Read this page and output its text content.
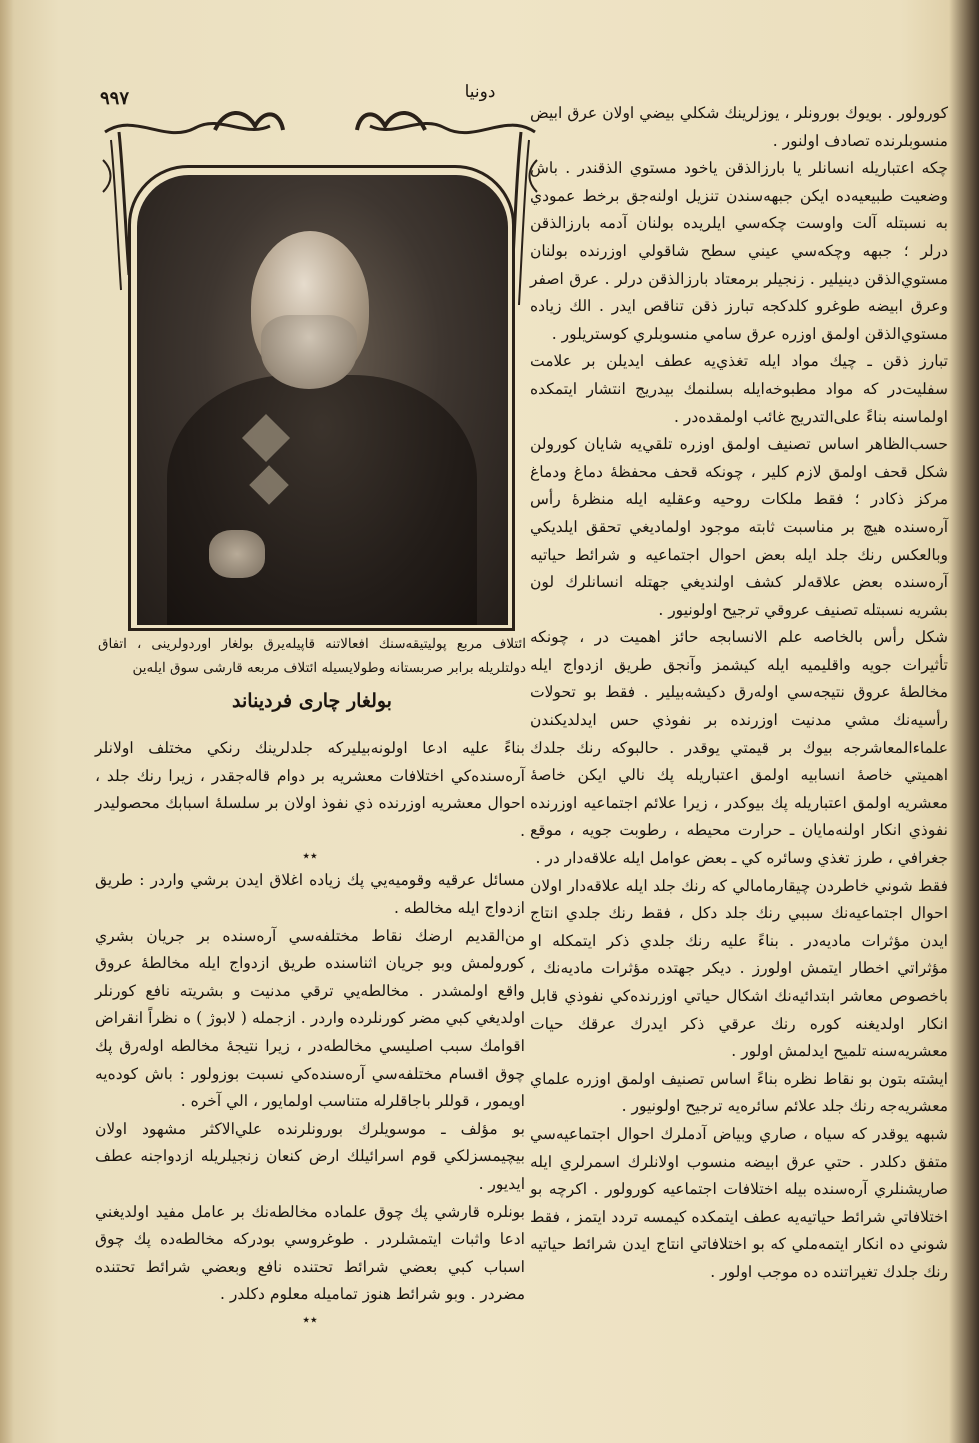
٩٩٧	دونيا
ائتلاف مربع پولیتیقەسنك افعالاتنه قاپیلەیرق بولغار اوردولرینی ، اتفاق دولتلريله برابر صربستانه وطولايسيله ائتلاف مربعه قارشی سوق ایلەین
بولغار چاری فردیناند

كورولور . بويوك بورونلر ، يوزلرينك شكلي بيضي اولان عرق ابيض منسوبلرنده تصادف اولنور .

چكه اعتباريله انسانلر يا بارزالذقن ياخود مستوي الذقندر . باش وضعيت طبيعيه‌ده ايكن جبهه‌سندن تنزيل اولنه‌جق برخط عمودي به نسبتله آلت واوست چكه‌سي ايلريده بولنان آدمه بارزالذقن درلر ؛ جبهه وچكه‌سي عيني سطح شاقولي اوزرنده بولنان مستوي‌الذقن دينيلير . زنجيلر برمعتاد بارزالذقن درلر . عرق اصفر وعرق ابيضه طوغرو كلدكجه تبارز ذقن تناقص ايدر . الك زياده مستوي‌الذقن اولمق اوزره عرق سامي منسوبلري كوستريلور .

تبارز ذقن ـ چيك مواد ايله تغذي‌يه عطف ايديلن بر علامت سفليت‌در كه مواد مطبوخه‌ايله بسلنمك بيدريج انتشار ايتمكده اولماسنه بناءً على‌التدريج غائب اولمقده‌در .

حسب‌الظاهر اساس تصنيف اولمق اوزره تلقي‌يه شايان كورولن شكل قحف اولمق لازم كلير ، چونكه قحف محفظهٔ دماغ ودماغ مركز ذكادر ؛ فقط ملكات روحيه وعقليه ايله منظرهٔ رأس آره‌سنده هيچ بر مناسبت ثابته موجود اولماديغي تحقق ايلديكي وبالعكس رنك جلد ايله بعض احوال اجتماعيه و شرائط حياتيه آره‌سنده بعض علاقه‌لر كشف اولنديغي جهتله انسانلرك لون بشريه نسبتله تصنيف عروقي ترجيح اولونيور .

شكل رأس بالخاصه علم الانسابجه حائز اهميت در ، چونكه تأثيرات جويه واقليميه ايله كيشمز وآنجق طريق ازدواج ايله مخالطهٔ عروق نتيجه‌سي اوله‌رق دكيشه‌بيلير . فقط بو تحولات رأسيه‌نك مشي مدنيت اوزرنده بر نفوذي حس ايدلديكندن علماءالمعاشرجه بيوك بر قيمتي يوقدر . حالبوكه رنك جلدك اهميتي خاصهٔ انسابيه اولمق اعتباريله پك نالي ايكن خاصهٔ معشريه اولمق اعتباريله پك بيوكدر ، زيرا علائم اجتماعيه اوزرنده نفوذي انكار اولنه‌مايان ـ حرارت محيطه ، رطوبت جويه ، موقع جغرافي ، طرز تغذي وسائره كي ـ بعض عوامل ايله علاقه‌دار در .

فقط شوني خاطردن چيقارمامالي كه رنك جلد ايله علاقه‌دار اولان احوال اجتماعيه‌نك سببي رنك جلد دكل ، فقط رنك جلدي انتاج ايدن مؤثرات ماديه‌در . بناءً عليه رنك جلدي ذكر ايتمكله او مؤثراتي اخطار ايتمش اولورز . ديكر جهتده مؤثرات ماديه‌نك ، باخصوص معاشر ابتدائيه‌نك اشكال حياتي اوزرنده‌كي نفوذي قابل انكار اولديغنه كوره رنك عرقي ذكر ايدرك عرقك حيات معشريه‌سنه تلميح ايدلمش اولور .

ايشته بتون بو نقاط نظره بناءً اساس تصنيف اولمق اوزره علماي معشريه‌جه رنك جلد علائم سائره‌يه ترجيح اولونيور .

شبهه يوقدر كه سياه ، صاري وبياض آدملرك احوال اجتماعيه‌سي متفق دكلدر . حتي عرق ابيضه منسوب اولانلرك اسمرلري ايله صاريشنلري آره‌سنده بيله اختلافات اجتماعيه كورولور . اكرچه بو اختلافاتي شرائط حياتيه‌يه عطف ايتمكده كيمسه تردد ايتمز ، فقط شوني ده انكار ايتمه‌ملي كه بو اختلافاتي انتاج ايدن شرائط حياتيه رنك جلدك تغيراتنده ده موجب اولور .

بناءً عليه ادعا اولونه‌بيليركه جلدلرينك رنكي مختلف اولانلر آره‌سنده‌كي اختلافات معشريه بر دوام قاله‌جقدر ، زيرا رنك جلد ، احوال معشريه اوزرنده ذي نفوذ اولان بر سلسلهٔ اسبابك محصوليدر .

٭٭

مسائل عرقيه وقوميه‌يي پك زياده اغلاق ايدن برشي واردر : طريق ازدواج ايله مخالطه .

من‌القديم ارضك نقاط مختلفه‌سي آره‌سنده بر جريان بشري كورولمش وبو جريان اثناسنده طريق ازدواج ايله مخالطهٔ عروق واقع اولمشدر . مخالطه‌يي ترقي مدنيت و بشريته نافع كورنلر اولديغي كبي مضر كورنلرده واردر . ازجمله ( لابوژ ) ه نظراً انقراض اقوامك سبب اصليسي مخالطه‌در ، زيرا نتيجهٔ مخالطه اوله‌رق پك چوق اقسام مختلفه‌سي آره‌سنده‌كي نسبت بوزولور : باش كوده‌يه اويمور ، قوللر باجاقلرله متناسب اولمايور ، الي آخره .

بو مؤلف ـ موسويلرك بورونلرنده علي‌الاكثر مشهود اولان بيچيمسزلكي قوم اسرائيلك ارض كنعان زنجيلريله ازدواجنه عطف ايديور .

بونلره قارشي پك چوق علماده مخالطه‌نك بر عامل مفيد اولديغني ادعا واثبات ايتمشلردر . طوغروسي بودركه مخالطه‌ده پك چوق اسباب كبي بعضي شرائط تحتنده نافع وبعضي شرائط تحتنده مضردر . وبو شرائط هنوز تماميله معلوم دكلدر .

٭٭
